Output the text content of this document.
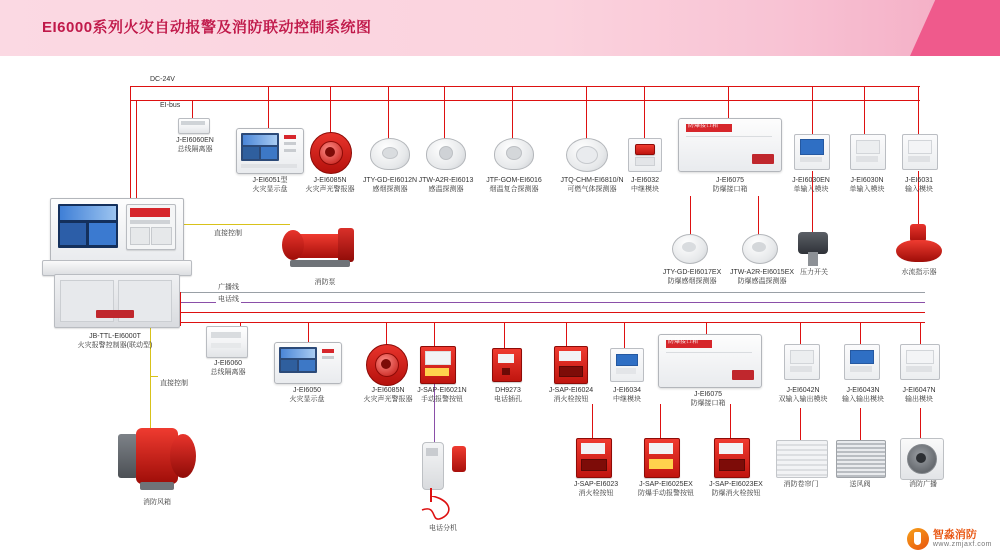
EI6000系列火灾自动报警及消防联动控制系统图
DC-24V
EI-bus
直接控制
广播线
电话线
直接控制
JB-TTL-EI6000T
火灾报警控制器(联动型)
J-EI6060EN
总线隔离器
J-EI6051型
火灾显示盘
J-EI6085N
火灾声光警报器
JTY-GD-EI6012N
感烟探测器
JTW-A2R-EI6013
感温探测器
JTF-GOM-EI6016
烟温复合探测器
JTQ-CHM-EI6810/N
可燃气体探测器
J-EI6032
中继模块
防爆接口箱
J-EI6075
防爆接口箱
J-EI6030EN
单输入模块
J-EI6030N
单输入模块
J-EI6031
输入模块
JTY-GD-EI6017EX
防爆感烟探测器
JTW-A2R-EI6015EX
防爆感温探测器
压力开关	水流指示器
消防泵
J-EI6060
总线隔离器
J-EI6050
火灾显示盘
J-EI6085N
火灾声光警报器
J-SAP-EI6021N
手动报警按钮
DH9273
电话插孔
J-SAP-EI6024
消火栓按钮
J-EI6034
中继模块
防爆接口箱
J-EI6075
防爆接口箱
J-EI6042N
双输入输出模块
J-EI6043N
输入输出模块
J-EI6047N
输出模块
J-SAP-EI6023
消火栓按钮
J-SAP-EI6025EX
防爆手动报警按钮
J-SAP-EI6023EX
防爆消火栓按钮
消防卷帘门	送风阀	消防广播
电话分机
消防风箱
智淼消防
www.zmjaxf.com
